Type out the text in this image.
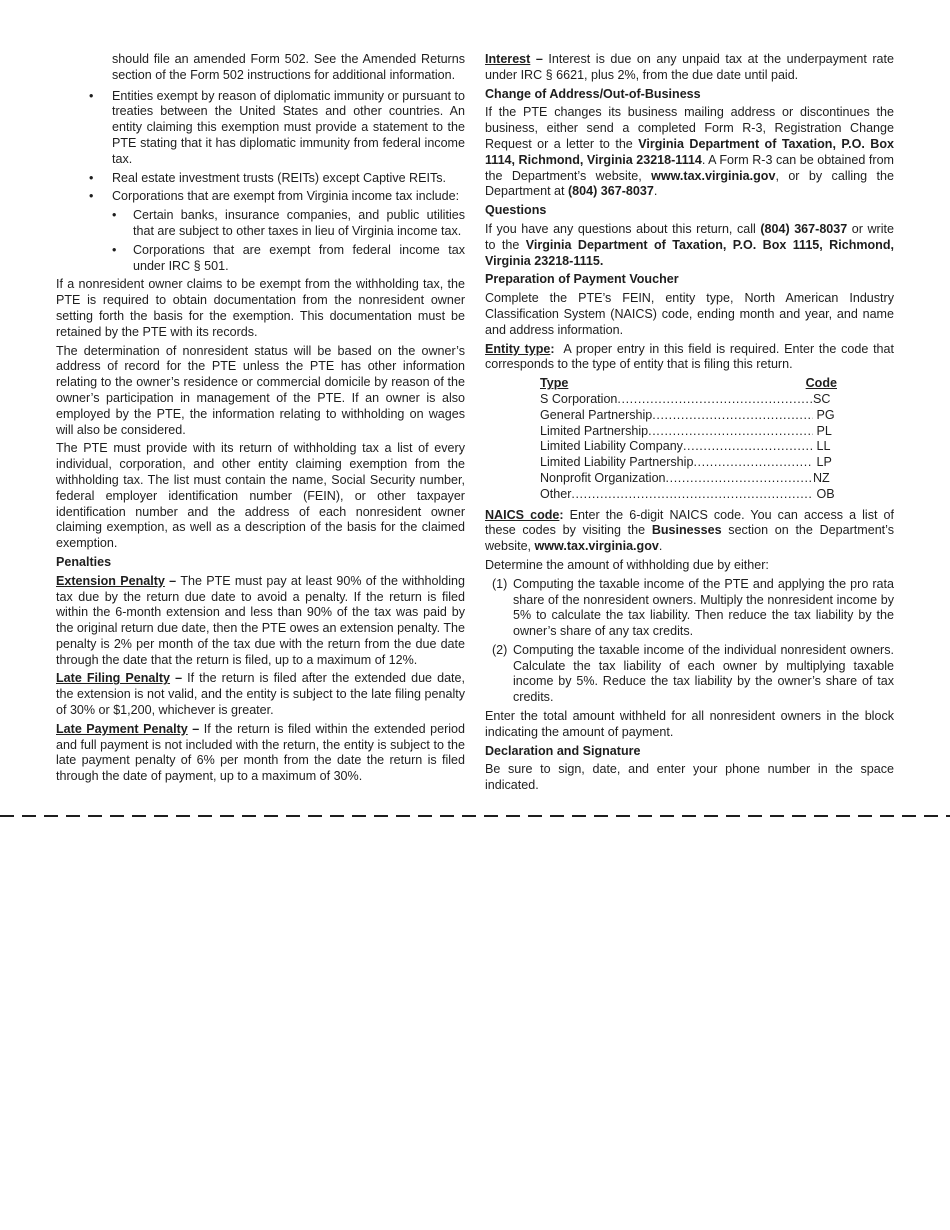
should file an amended Form 502. See the Amended Returns section of the Form 502 instructions for additional information.

• Entities exempt by reason of diplomatic immunity or pursuant to treaties between the United States and other countries. An entity claiming this exemption must provide a statement to the PTE stating that it has diplomatic immunity from federal income tax.
• Real estate investment trusts (REITs) except Captive REITs.
• Corporations that are exempt from Virginia income tax include:
• Certain banks, insurance companies, and public utilities that are subject to other taxes in lieu of Virginia income tax.
• Corporations that are exempt from federal income tax under IRC § 501.

If a nonresident owner claims to be exempt from the withholding tax, the PTE is required to obtain documentation from the nonresident owner setting forth the basis for the exemption. This documentation must be retained by the PTE with its records.

The determination of nonresident status will be based on the owner’s address of record for the PTE unless the PTE has other information relating to the owner’s residence or commercial domicile by reason of the owner’s participation in management of the PTE. If an owner is also employed by the PTE, the information relating to withholding on wages will also be considered.

The PTE must provide with its return of withholding tax a list of every individual, corporation, and other entity claiming exemption from the withholding tax. The list must contain the name, Social Security number, federal employer identification number (FEIN), or other taxpayer identification number and the address of each nonresident owner claiming exemption, as well as a description of the basis for the claimed exemption.

Penalties

Extension Penalty – The PTE must pay at least 90% of the withholding tax due by the return due date to avoid a penalty. If the return is filed within the 6-month extension and less than 90% of the tax was paid by the original return due date, then the PTE owes an extension penalty. The penalty is 2% per month of the tax due with the return from the due date through the date that the return is filed, up to a maximum of 12%.

Late Filing Penalty – If the return is filed after the extended due date, the extension is not valid, and the entity is subject to the late filing penalty of 30% or $1,200, whichever is greater.

Late Payment Penalty – If the return is filed within the extended period and full payment is not included with the return, the entity is subject to the late payment penalty of 6% per month from the date the return is filed through the date of payment, up to a maximum of 30%.

Interest – Interest is due on any unpaid tax at the underpayment rate under IRC § 6621, plus 2%, from the due date until paid.

Change of Address/Out-of-Business

If the PTE changes its business mailing address or discontinues the business, either send a completed Form R-3, Registration Change Request or a letter to the Virginia Department of Taxation, P.O. Box 1114, Richmond, Virginia 23218-1114. A Form R-3 can be obtained from the Department’s website, www.tax.virginia.gov, or by calling the Department at (804) 367-8037.

Questions

If you have any questions about this return, call (804) 367-8037 or write to the Virginia Department of Taxation, P.O. Box 1115, Richmond, Virginia 23218-1115.

Preparation of Payment Voucher

Complete the PTE’s FEIN, entity type, North American Industry Classification System (NAICS) code, ending month and year, and name and address information.

Entity type:  A proper entry in this field is required. Enter the code that corresponds to the type of entity that is filing this return.

Type	Code
S Corporation .....	SC
General Partnership .....	PG
Limited Partnership .....	PL
Limited Liability Company .....	LL
Limited Liability Partnership .....	LP
Nonprofit Organization .....	NZ
Other .....	OB

NAICS code: Enter the 6-digit NAICS code. You can access a list of these codes by visiting the Businesses section on the Department’s website, www.tax.virginia.gov.

Determine the amount of withholding due by either:

(1) Computing the taxable income of the PTE and applying the pro rata share of the nonresident owners. Multiply the nonresident income by 5% to calculate the tax liability. Then reduce the tax liability by the owner’s share of any tax credits.
(2) Computing the taxable income of the individual nonresident owners. Calculate the tax liability of each owner by multiplying taxable income by 5%. Reduce the tax liability by the owner’s share of tax credits.

Enter the total amount withheld for all nonresident owners in the block indicating the amount of payment.

Declaration and Signature

Be sure to sign, date, and enter your phone number in the space indicated.
